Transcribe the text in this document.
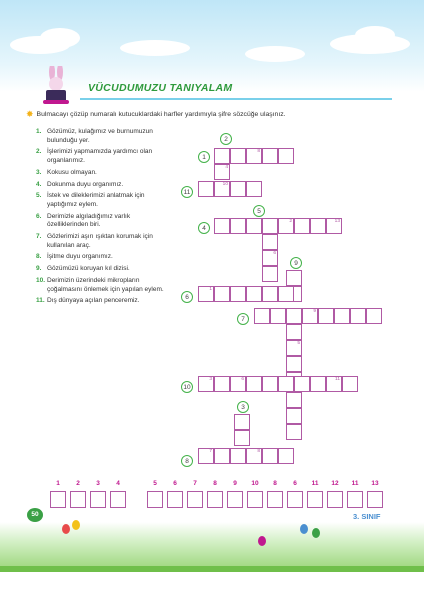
VÜCUDUMUZU TANIYALAM
✸ Bulmacayı çözüp numaralı kutucuklardaki harfler yardımıyla şifre sözcüğe ulaşınız.
1. Gözümüz, kulağımız ve burnumuzun bulunduğu yer.
2. İşlerimizi yapmamızda yardımcı olan organlarımız.
3. Kokusu olmayan.
4. Dokunma duyu organımız.
5. İstek ve dileklerimizi anlatmak için yaptığımız eylem.
6. Derimizle algıladığımız varlık özelliklerinden biri.
7. Gözlerimizi aşırı ışıktan korumak için kullanılan araç.
8. İşitme duyu organımız.
9. Gözümüzü koruyan kıl dizisi.
10. Derimizin üzerindeki mikropların çoğalmasını önlemek için yapılan eylem.
11. Dış dünyaya açılan penceremiz.
1
8
2
4
11
10
5
4
2	13
6
9
6
1
7
9
5
10
3	6	11
3
8
7	8
1	2	3	4	5	6	7	8	9	10	8	6	11	12	11	13
50	3. SINIF
